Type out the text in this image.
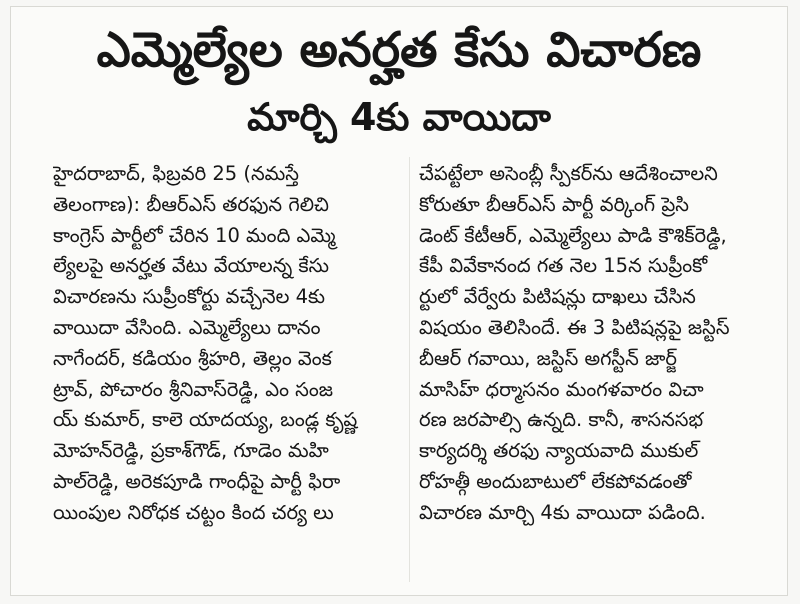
ఎమ్మెల్యేల అనర్హత కేసు విచారణ
మార్చి 4కు వాయిదా
హైదరాబాద్, ఫిబ్రవరి 25 (నమస్తే
తెలంగాణ): బీఆర్ఎస్ తరఫున గెలిచి
కాంగ్రెస్ పార్టీలో చేరిన 10 మంది ఎమ్మె
ల్యేలపై అనర్హత వేటు వేయాలన్న కేసు
విచారణను సుప్రీంకోర్టు వచ్చేనెల 4కు
వాయిదా వేసింది. ఎమ్మెల్యేలు దానం
నాగేందర్, కడియం శ్రీహరి, తెల్లం వెంక
ట్రావ్, పోచారం శ్రీనివాస్‌రెడ్డి, ఎం సంజ
య్ కుమార్, కాలె యాదయ్య, బండ్ల కృష్ణ
మోహన్‌రెడ్డి, ప్రకాశ్‌గౌడ్, గూడెం మహి
పాల్‌రెడ్డి, అరెకపూడి గాంధీపై పార్టీ ఫిరా
యింపుల నిరోధక చట్టం కింద చర్య లు
చేపట్టేలా అసెంబ్లీ స్పీకర్‌ను ఆదేశించాలని
కోరుతూ బీఆర్ఎస్ పార్టీ వర్కింగ్ ప్రెసి
డెంట్ కేటీఆర్, ఎమ్మెల్యేలు పాడి కౌశిక్‌రెడ్డి,
కేపీ వివేకానంద గత నెల 15న సుప్రీంకో
ర్టులో వేర్వేరు పిటిషన్లు దాఖలు చేసిన
విషయం తెలిసిందే. ఈ 3 పిటిషన్లపై జస్టిస్
బీఆర్ గవాయి, జస్టిస్ అగస్టీన్ జార్జ్
మాసిహ్ ధర్మాసనం మంగళవారం విచా
రణ జరపాల్సి ఉన్నది. కానీ, శాసనసభ
కార్యదర్శి తరఫు న్యాయవాది ముకుల్
రోహత్గీ అందుబాటులో లేకపోవడంతో
విచారణ మార్చి 4కు వాయిదా పడింది.
